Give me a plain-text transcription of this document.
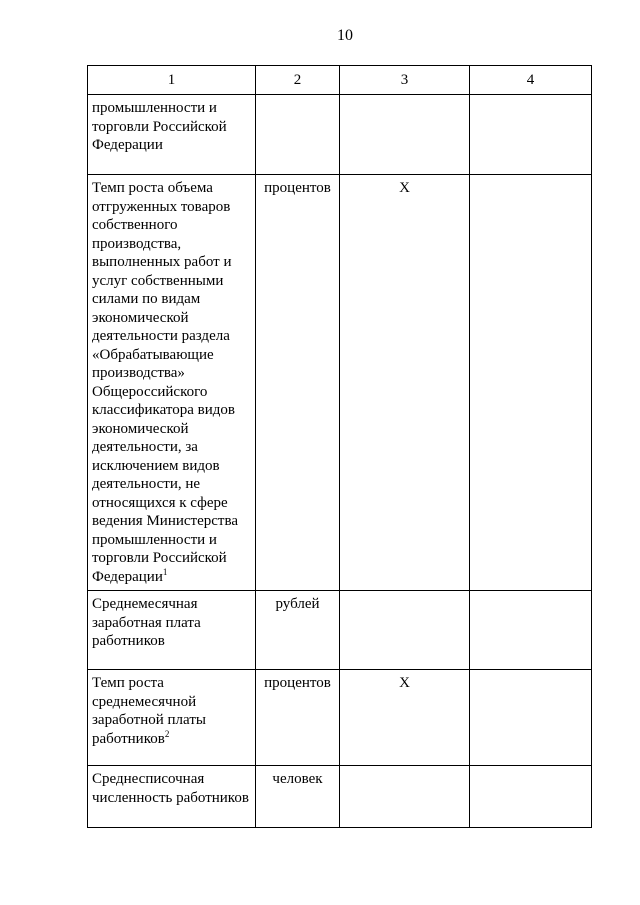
10
1	2	3	4
промышленности и торговли Российской Федерации			
Темп роста объема отгруженных товаров собственного производства, выполненных работ и услуг собственными силами по видам экономической деятельности раздела «Обрабатывающие производства» Общероссийского классификатора видов экономической деятельности, за исключением видов деятельности, не относящихся к сфере ведения Министерства промышленности и торговли Российской Федерации$^1$	процентов	X	
Среднемесячная заработная плата работников	рублей		
Темп роста среднемесячной заработной платы работников$^2$	процентов	X	
Среднесписочная численность работников	человек		
